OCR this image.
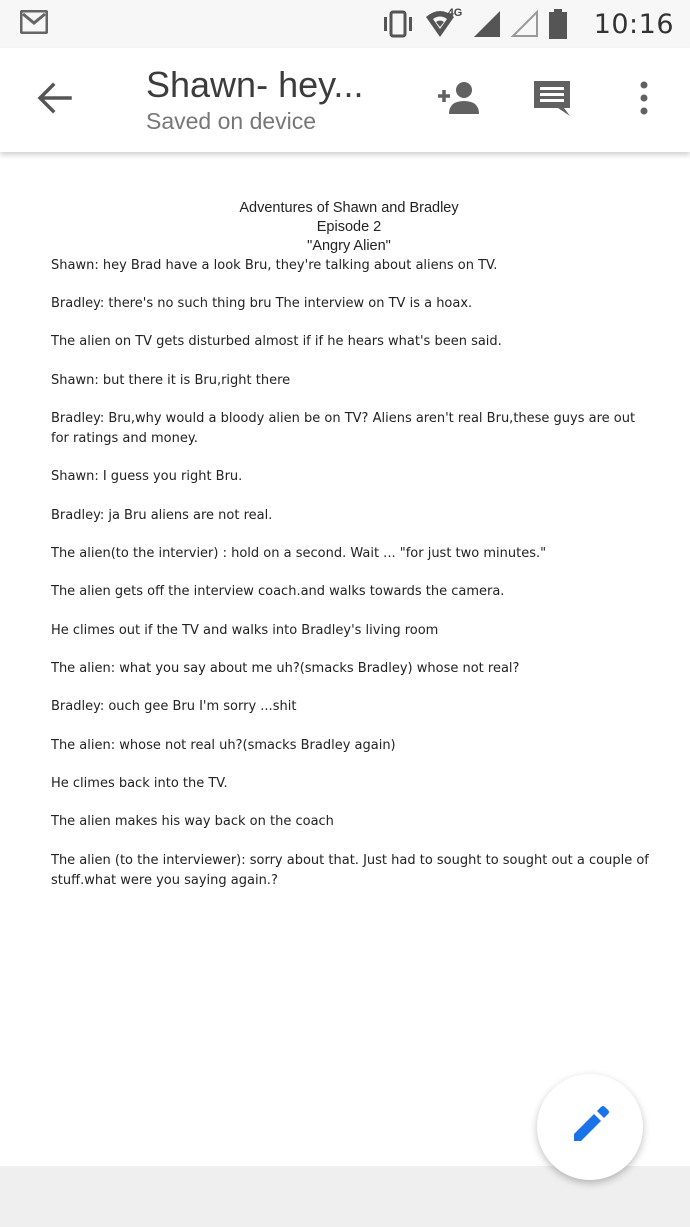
4G	10:16
Shawn- hey...
Saved on device
Adventures of Shawn and Bradley
Episode 2
"Angry Alien"
Shawn: hey Brad have a look Bru, they're talking about aliens on TV.
Bradley: there's no such thing bru The interview on TV is a hoax.
The alien on TV gets disturbed almost if if he hears what's been said.
Shawn: but there it is Bru,right there
Bradley: Bru,why would a bloody alien be on TV? Aliens aren't real Bru,these guys are out for ratings and money.
Shawn: I guess you right Bru.
Bradley: ja Bru aliens are not real.
The alien(to the intervier) : hold on a second. Wait ... "for just two minutes."
The alien gets off the interview coach.and walks towards the camera.
He climes out if the TV and walks into Bradley's living room
The alien: what you say about me uh?(smacks Bradley) whose not real?
Bradley: ouch gee Bru I'm sorry ...shit
The alien: whose not real uh?(smacks Bradley again)
He climes back into the TV.
The alien makes his way back on the coach
The alien (to the interviewer): sorry about that. Just had to sought to sought out a couple of stuff.what were you saying again.?
